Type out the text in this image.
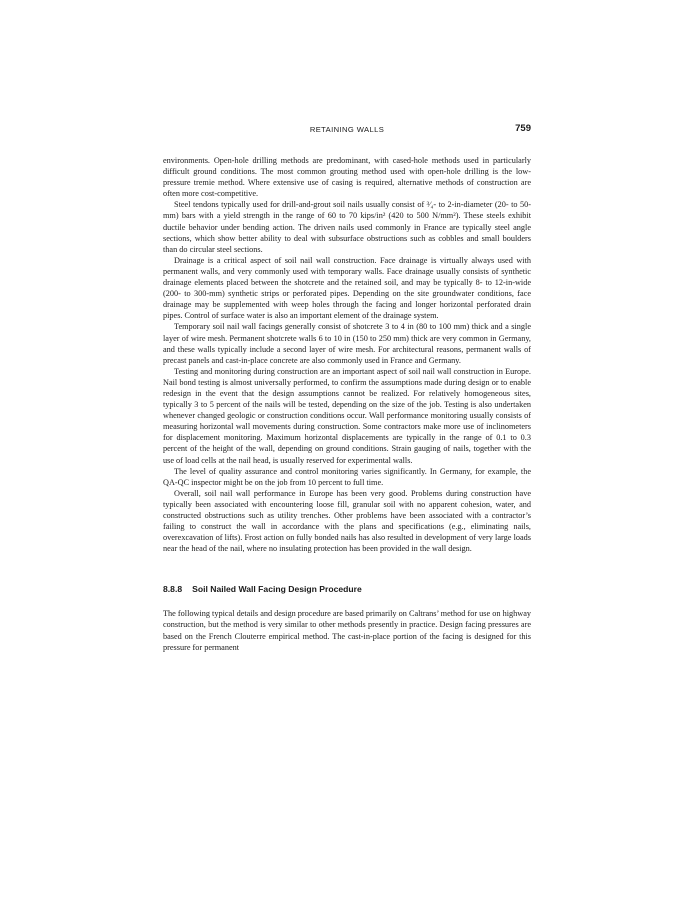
RETAINING WALLS	759

environments. Open-hole drilling methods are predominant, with cased-hole methods used in particularly difficult ground conditions. The most common grouting method used with open-hole drilling is the low-pressure tremie method. Where extensive use of casing is required, alternative methods of construction are often more cost-competitive.

Steel tendons typically used for drill-and-grout soil nails usually consist of ³⁄₄- to 2-in-diameter (20- to 50-mm) bars with a yield strength in the range of 60 to 70 kips/in² (420 to 500 N/mm²). These steels exhibit ductile behavior under bending action. The driven nails used commonly in France are typically steel angle sections, which show better ability to deal with subsurface obstructions such as cobbles and small boulders than do circular steel sections.

Drainage is a critical aspect of soil nail wall construction. Face drainage is virtually always used with permanent walls, and very commonly used with temporary walls. Face drainage usually consists of synthetic drainage elements placed between the shotcrete and the retained soil, and may be typically 8- to 12-in-wide (200- to 300-mm) synthetic strips or perforated pipes. Depending on the site groundwater conditions, face drainage may be supplemented with weep holes through the facing and longer horizontal perforated drain pipes. Control of surface water is also an important element of the drainage system.

Temporary soil nail wall facings generally consist of shotcrete 3 to 4 in (80 to 100 mm) thick and a single layer of wire mesh. Permanent shotcrete walls 6 to 10 in (150 to 250 mm) thick are very common in Germany, and these walls typically include a second layer of wire mesh. For architectural reasons, permanent walls of precast panels and cast-in-place concrete are also commonly used in France and Germany.

Testing and monitoring during construction are an important aspect of soil nail wall construction in Europe. Nail bond testing is almost universally performed, to confirm the assumptions made during design or to enable redesign in the event that the design assumptions cannot be realized. For relatively homogeneous sites, typically 3 to 5 percent of the nails will be tested, depending on the size of the job. Testing is also undertaken whenever changed geologic or construction conditions occur. Wall performance monitoring usually consists of measuring horizontal wall movements during construction. Some contractors make more use of inclinometers for displacement monitoring. Maximum horizontal displacements are typically in the range of 0.1 to 0.3 percent of the height of the wall, depending on ground conditions. Strain gauging of nails, together with the use of load cells at the nail head, is usually reserved for experimental walls.

The level of quality assurance and control monitoring varies significantly. In Germany, for example, the QA-QC inspector might be on the job from 10 percent to full time.

Overall, soil nail wall performance in Europe has been very good. Problems during construction have typically been associated with encountering loose fill, granular soil with no apparent cohesion, water, and constructed obstructions such as utility trenches. Other problems have been associated with a contractor’s failing to construct the wall in accordance with the plans and specifications (e.g., eliminating nails, overexcavation of lifts). Frost action on fully bonded nails has also resulted in development of very large loads near the head of the nail, where no insulating protection has been provided in the wall design.

8.8.8 Soil Nailed Wall Facing Design Procedure

The following typical details and design procedure are based primarily on Caltrans’ method for use on highway construction, but the method is very similar to other methods presently in practice. Design facing pressures are based on the French Clouterre empirical method. The cast-in-place portion of the facing is designed for this pressure for permanent
